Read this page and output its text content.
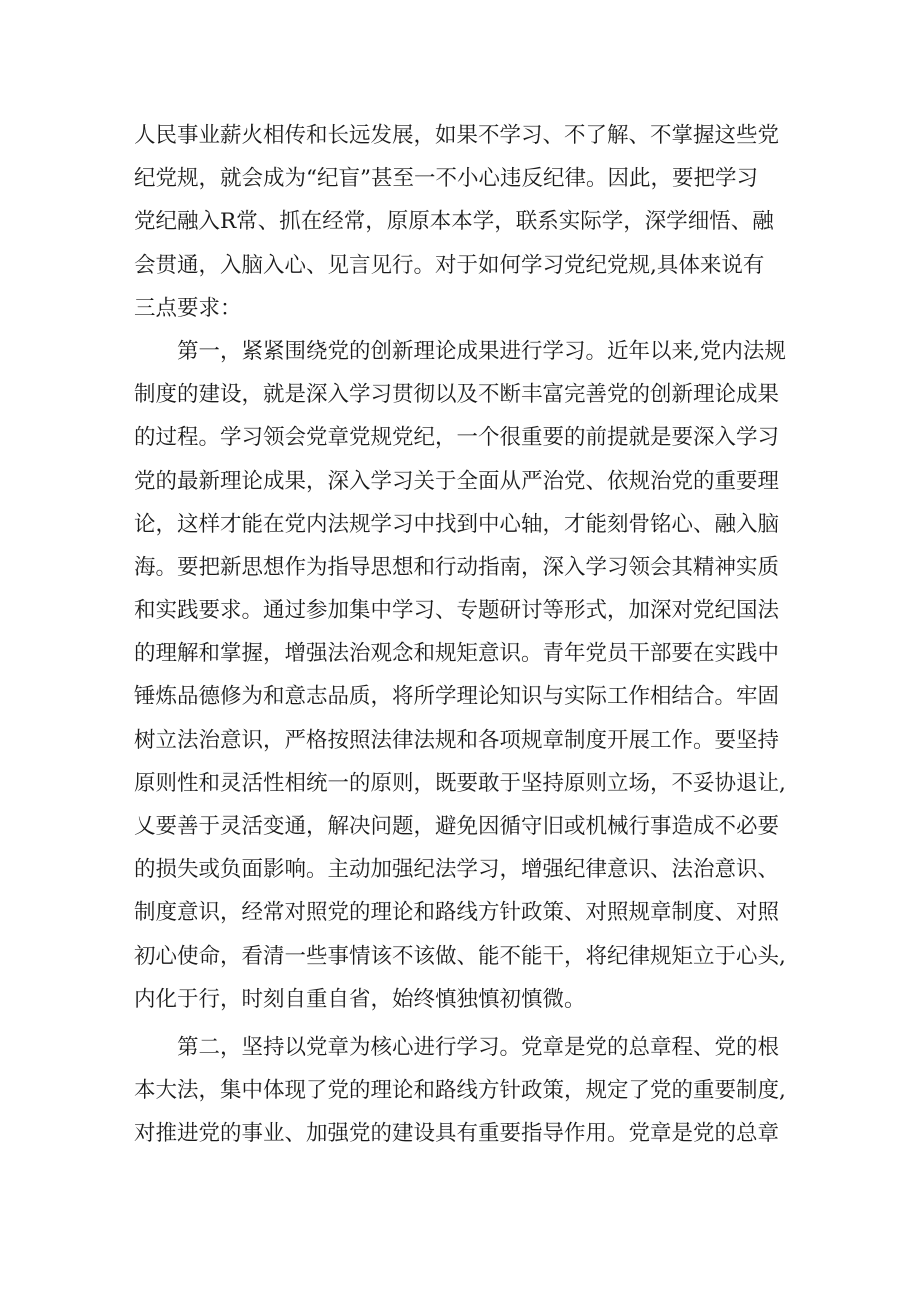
人民事业薪火相传和长远发展，如果不学习、不了解、不掌握这些党
纪党规，就会成为“纪盲”甚至一不小心违反纪律。因此，要把学习
党纪融入R常、抓在经常，原原本本学，联系实际学，深学细悟、融
会贯通，入脑入心、见言见行。对于如何学习党纪党规,具体来说有
三点要求：
　　第一，紧紧围绕党的创新理论成果进行学习。近年以来,党内法规
制度的建设，就是深入学习贯彻以及不断丰富完善党的创新理论成果
的过程。学习领会党章党规党纪，一个很重要的前提就是要深入学习
党的最新理论成果，深入学习关于全面从严治党、依规治党的重要理
论，这样才能在党内法规学习中找到中心轴，才能刻骨铭心、融入脑
海。要把新思想作为指导思想和行动指南，深入学习领会其精神实质
和实践要求。通过参加集中学习、专题研讨等形式，加深对党纪国法
的理解和掌握，增强法治观念和规矩意识。青年党员干部要在实践中
锤炼品德修为和意志品质，将所学理论知识与实际工作相结合。牢固
树立法治意识，严格按照法律法规和各项规章制度开展工作。要坚持
原则性和灵活性相统一的原则，既要敢于坚持原则立场，不妥协退让,
乂要善于灵活变通，解决问题，避免因循守旧或机械行事造成不必要
的损失或负面影响。主动加强纪法学习，增强纪律意识、法治意识、
制度意识，经常对照党的理论和路线方针政策、对照规章制度、对照
初心使命，看清一些事情该不该做、能不能干，将纪律规矩立于心头,
内化于行，时刻自重自省，始终慎独慎初慎微。
　　第二，坚持以党章为核心进行学习。党章是党的总章程、党的根
本大法，集中体现了党的理论和路线方针政策，规定了党的重要制度,
对推进党的事业、加强党的建设具有重要指导作用。党章是党的总章
